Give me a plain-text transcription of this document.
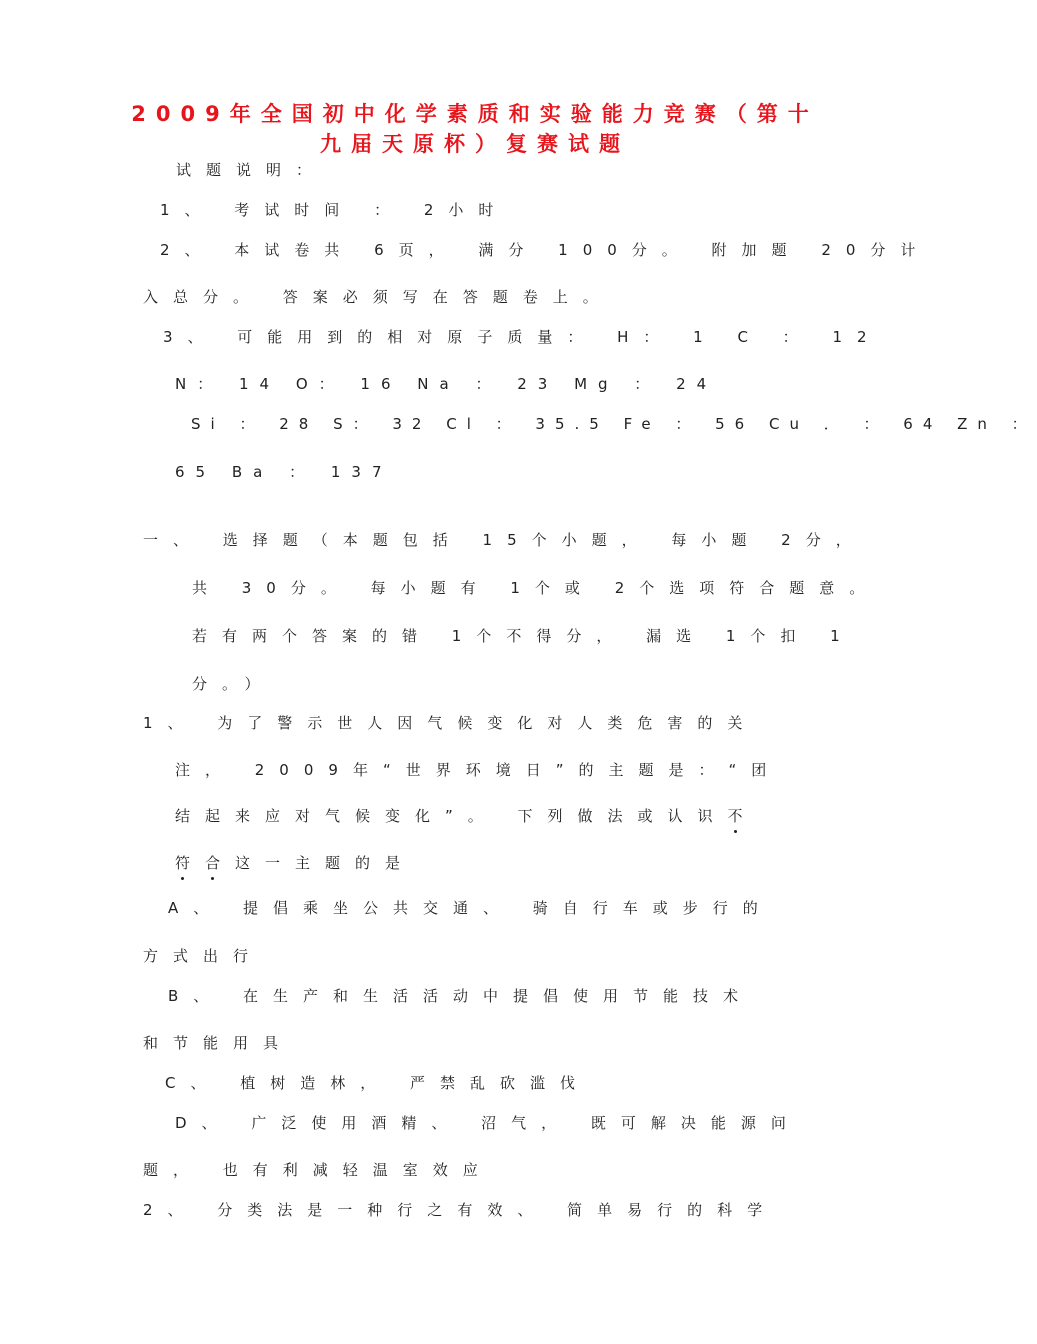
2009年全国初中化学素质和实验能力竞赛（第十
九届天原杯）复赛试题
试题说明：
1、 考试时间 ： 2小时
2、 本试卷共 6页， 满分 100分。 附加题 20分计
入总分。 答案必须写在答题卷上。
3、 可能用到的相对原子质量： H： 1 C ： 12
N： 14 O： 16 Na ： 23 Mg ： 24
Si ： 28 S： 32 Cl ： 35.5 Fe ： 56 Cu ． ： 64 Zn ：
65 Ba ： 137
一、 选择题（本题包括 15个小题， 每小题 2分，
共 30分。 每小题有 1个或 2个选项符合题意。
若有两个答案的错 1个不得分， 漏选 1个扣 1
分。）
1、 为了警示世人因气候变化对人类危害的关
注， 2009年“世界环境日”的主题是：“团
结起来应对气候变化”。 下列做法或认识不
符合这一主题的是
A、 提倡乘坐公共交通、 骑自行车或步行的
方式出行
B、 在生产和生活活动中提倡使用节能技术
和节能用具
C、 植树造林， 严禁乱砍滥伐
D、 广泛使用酒精、 沼气， 既可解决能源问
题， 也有利减轻温室效应
2、 分类法是一种行之有效、 简单易行的科学
